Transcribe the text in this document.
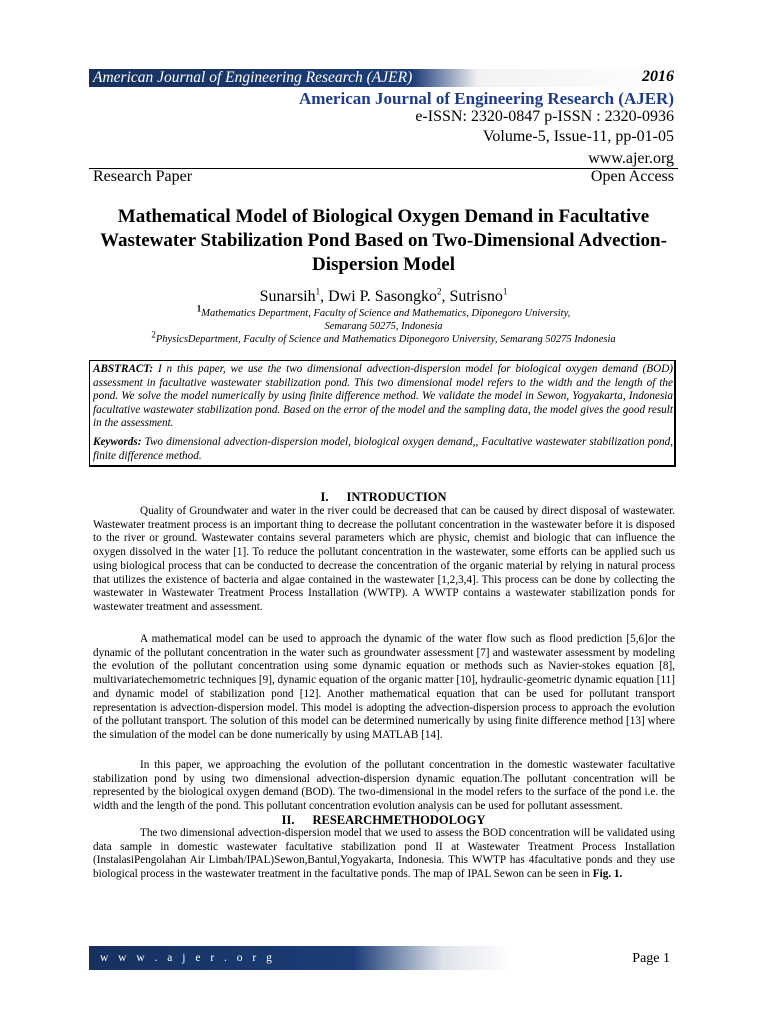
American Journal of Engineering Research (AJER)	2016
American Journal of Engineering Research (AJER)
e-ISSN: 2320-0847 p-ISSN : 2320-0936
Volume-5, Issue-11, pp-01-05
www.ajer.org
Research Paper	Open Access
Mathematical Model of Biological Oxygen Demand in Facultative Wastewater Stabilization Pond Based on Two-Dimensional Advection-Dispersion Model
Sunarsih$^1$, Dwi P. Sasongko$^2$, Sutrisno$^1$
$^1$Mathematics Department, Faculty of Science and Mathematics, Diponegoro University,
Semarang 50275, Indonesia
$^2$PhysicsDepartment, Faculty of Science and Mathematics Diponegoro University, Semarang 50275 Indonesia
ABSTRACT: I n this paper, we use the two dimensional advection-dispersion model for biological oxygen demand (BOD) assessment in facultative wastewater stabilization pond. This two dimensional model refers to the width and the length of the pond. We solve the model numerically by using finite difference method. We validate the model in Sewon, Yogyakarta, Indonesia facultative wastewater stabilization pond. Based on the error of the model and the sampling data, the model gives the good result in the assessment.
Keywords: Two dimensional advection-dispersion model, biological oxygen demand,, Facultative wastewater stabilization pond, finite difference method.
I. INTRODUCTION
Quality of Groundwater and water in the river could be decreased that can be caused by direct disposal of wastewater. Wastewater treatment process is an important thing to decrease the pollutant concentration in the wastewater before it is disposed to the river or ground. Wastewater contains several parameters which are physic, chemist and biologic that can influence the oxygen dissolved in the water [1]. To reduce the pollutant concentration in the wastewater, some efforts can be applied such us using biological process that can be conducted to decrease the concentration of the organic material by relying in natural process that utilizes the existence of bacteria and algae contained in the wastewater [1,2,3,4]. This process can be done by collecting the wastewater in Wastewater Treatment Process Installation (WWTP). A WWTP contains a wastewater stabilization ponds for wastewater treatment and assessment.
A mathematical model can be used to approach the dynamic of the water flow such as flood prediction [5,6]or the dynamic of the pollutant concentration in the water such as groundwater assessment [7] and wastewater assessment by modeling the evolution of the pollutant concentration using some dynamic equation or methods such as Navier-stokes equation [8], multivariatechemometric techniques [9], dynamic equation of the organic matter [10], hydraulic-geometric dynamic equation [11] and dynamic model of stabilization pond [12]. Another mathematical equation that can be used for pollutant transport representation is advection-dispersion model. This model is adopting the advection-dispersion process to approach the evolution of the pollutant transport. The solution of this model can be determined numerically by using finite difference method [13] where the simulation of the model can be done numerically by using MATLAB [14].
In this paper, we approaching the evolution of the pollutant concentration in the domestic wastewater facultative stabilization pond by using two dimensional advection-dispersion dynamic equation.The pollutant concentration will be represented by the biological oxygen demand (BOD). The two-dimensional in the model refers to the surface of the pond i.e. the width and the length of the pond. This pollutant concentration evolution analysis can be used for pollutant assessment.
II. RESEARCHMETHODOLOGY
The two dimensional advection-dispersion model that we used to assess the BOD concentration will be validated using data sample in domestic wastewater facultative stabilization pond II at Wastewater Treatment Process Installation (InstalasiPengolahan Air Limbah/IPAL)Sewon,Bantul,Yogyakarta, Indonesia. This WWTP has 4facultative ponds and they use biological process in the wastewater treatment in the facultative ponds. The map of IPAL Sewon can be seen in Fig. 1.
w w w . a j e r . o r g	Page 1
